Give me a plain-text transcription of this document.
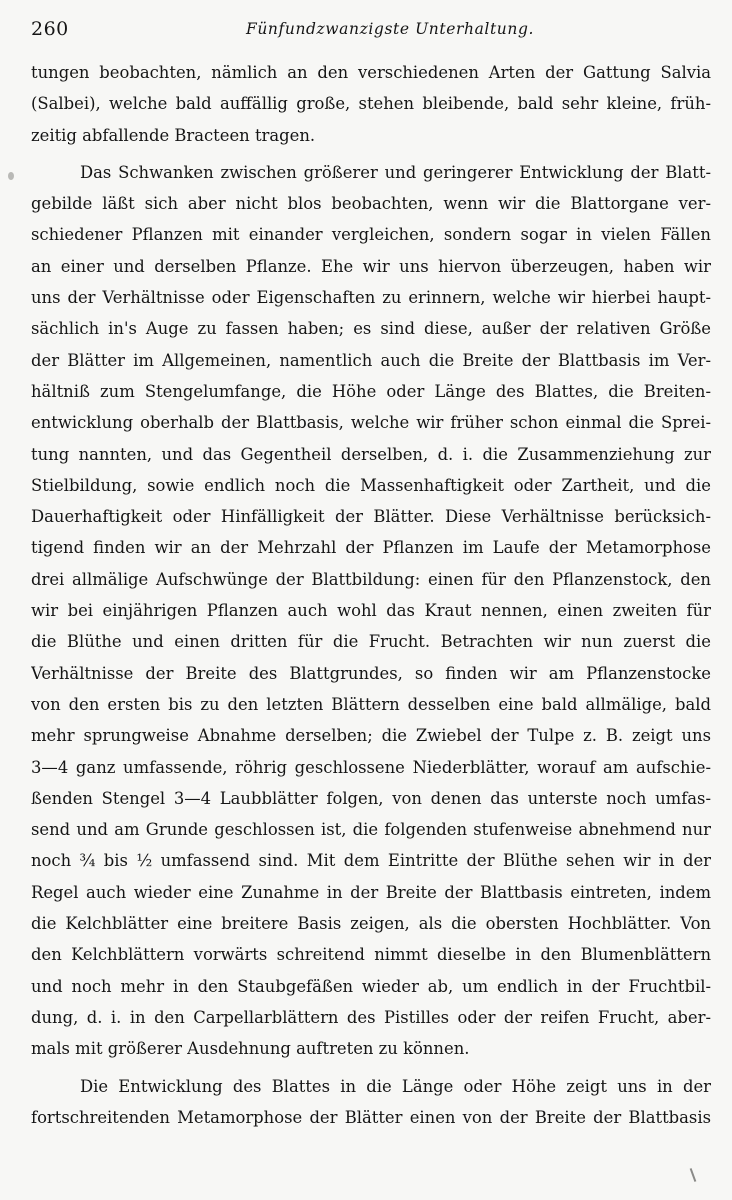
260	Fünfundzwanzigste Unterhaltung.
tungen beobachten, nämlich an den verschiedenen Arten der Gattung Salvia
(Salbei), welche bald auffällig große, stehen bleibende, bald sehr kleine, früh-
zeitig abfallende Bracteen tragen.
Das Schwanken zwischen größerer und geringerer Entwicklung der Blatt-
gebilde läßt sich aber nicht blos beobachten, wenn wir die Blattorgane ver-
schiedener Pflanzen mit einander vergleichen, sondern sogar in vielen Fällen
an einer und derselben Pflanze. Ehe wir uns hiervon überzeugen, haben wir
uns der Verhältnisse oder Eigenschaften zu erinnern, welche wir hierbei haupt-
sächlich in's Auge zu fassen haben; es sind diese, außer der relativen Größe
der Blätter im Allgemeinen, namentlich auch die Breite der Blattbasis im Ver-
hältniß zum Stengelumfange, die Höhe oder Länge des Blattes, die Breiten-
entwicklung oberhalb der Blattbasis, welche wir früher schon einmal die Sprei-
tung nannten, und das Gegentheil derselben, d. i. die Zusammenziehung zur
Stielbildung, sowie endlich noch die Massenhaftigkeit oder Zartheit, und die
Dauerhaftigkeit oder Hinfälligkeit der Blätter. Diese Verhältnisse berücksich-
tigend finden wir an der Mehrzahl der Pflanzen im Laufe der Metamorphose
drei allmälige Aufschwünge der Blattbildung: einen für den Pflanzenstock, den
wir bei einjährigen Pflanzen auch wohl das Kraut nennen, einen zweiten für
die Blüthe und einen dritten für die Frucht. Betrachten wir nun zuerst die
Verhältnisse der Breite des Blattgrundes, so finden wir am Pflanzenstocke
von den ersten bis zu den letzten Blättern desselben eine bald allmälige, bald
mehr sprungweise Abnahme derselben; die Zwiebel der Tulpe z. B. zeigt uns
3—4 ganz umfassende, röhrig geschlossene Niederblätter, worauf am aufschie-
ßenden Stengel 3—4 Laubblätter folgen, von denen das unterste noch umfas-
send und am Grunde geschlossen ist, die folgenden stufenweise abnehmend nur
noch ¾ bis ½ umfassend sind. Mit dem Eintritte der Blüthe sehen wir in der
Regel auch wieder eine Zunahme in der Breite der Blattbasis eintreten, indem
die Kelchblätter eine breitere Basis zeigen, als die obersten Hochblätter. Von
den Kelchblättern vorwärts schreitend nimmt dieselbe in den Blumenblättern
und noch mehr in den Staubgefäßen wieder ab, um endlich in der Fruchtbil-
dung, d. i. in den Carpellarblättern des Pistilles oder der reifen Frucht, aber-
mals mit größerer Ausdehnung auftreten zu können.
Die Entwicklung des Blattes in die Länge oder Höhe zeigt uns in der
fortschreitenden Metamorphose der Blätter einen von der Breite der Blattbasis
